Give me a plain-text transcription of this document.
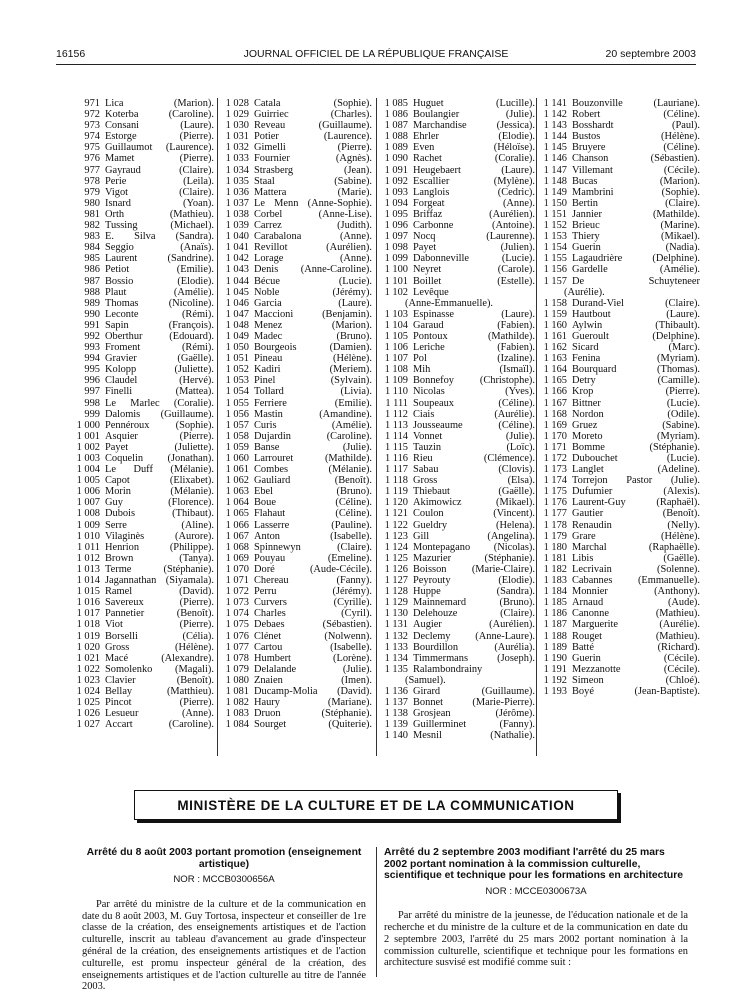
16156	JOURNAL OFFICIEL DE LA RÉPUBLIQUE FRANÇAISE	20 septembre 2003
971 Lica (Marion).
972 Koterba (Caroline).
973 Consani (Laure).
974 Estorge (Pierre).
975 Guillaumot (Laurence).
976 Mamet (Pierre).
977 Gayraud (Claire).
978 Perie (Leila).
979 Vigot (Claire).
980 Isnard (Yoan).
981 Orth (Mathieu).
982 Tussing (Michael).
983 E. Silva (Sandra).
984 Seggio (Anaïs).
985 Laurent (Sandrine).
986 Petiot (Emilie).
987 Bossio (Elodie).
988 Plaut (Amélie).
989 Thomas (Nicoline).
990 Leconte (Rémi).
991 Sapin (François).
992 Oberthur (Edouard).
993 Froment (Rémi).
994 Gravier (Gaëlle).
995 Kolopp (Juliette).
996 Claudel (Hervé).
997 Finelli (Mattea).
998 Le Marlec (Coralie).
999 Dalomis (Guillaume).
1 000 Pennéroux (Sophie).
1 001 Asquier (Pierre).
1 002 Payet (Juliette).
1 003 Coquelin (Jonathan).
1 004 Le Duff (Mélanie).
1 005 Capot (Elixabet).
1 006 Morin (Mélanie).
1 007 Guy (Florence).
1 008 Dubois (Thibaut).
1 009 Serre (Aline).
1 010 Vilaginès (Aurore).
1 011 Henrion (Philippe).
1 012 Brown (Tanya).
1 013 Terme (Stéphanie).
1 014 Jagannathan (Siyamala).
1 015 Ramel (David).
1 016 Savereux (Pierre).
1 017 Pannetier (Benoît).
1 018 Viot (Pierre).
1 019 Borselli (Célia).
1 020 Gross (Hélène).
1 021 Macé (Alexandre).
1 022 Somolenko (Magali).
1 023 Clavier (Benoît).
1 024 Bellay (Matthieu).
1 025 Pincot (Pierre).
1 026 Lesueur (Anne).
1 027 Accart (Caroline).
1 028 Catala (Sophie).
1 029 Guirriec (Charles).
1 030 Reveau (Guillaume).
1 031 Potier (Laurence).
1 032 Gimelli (Pierre).
1 033 Fournier (Agnès).
1 034 Strasberg (Jean).
1 035 Staal (Sabine).
1 036 Mattera (Marie).
1 037 Le Menn (Anne-Sophie).
1 038 Corbel (Anne-Lise).
1 039 Carrez (Judith).
1 040 Carabalona (Anne).
1 041 Revillot (Aurélien).
1 042 Lorage (Anne).
1 043 Denis (Anne-Caroline).
1 044 Bécue (Lucie).
1 045 Noble (Jérémy).
1 046 Garcia (Laure).
1 047 Maccioni (Benjamin).
1 048 Menez (Marion).
1 049 Madec (Bruno).
1 050 Bourgeois (Damien).
1 051 Pineau (Hélène).
1 052 Kadiri (Meriem).
1 053 Pinel (Sylvain).
1 054 Tollard (Livia).
1 055 Ferriere (Emilie).
1 056 Mastin (Amandine).
1 057 Curis (Amélie).
1 058 Dujardin (Caroline).
1 059 Banse (Julie).
1 060 Larrouret (Mathilde).
1 061 Combes (Mélanie).
1 062 Gauliard (Benoît).
1 063 Ebel (Bruno).
1 064 Boue (Céline).
1 065 Flahaut (Céline).
1 066 Lasserre (Pauline).
1 067 Anton (Isabelle).
1 068 Spinnewyn (Claire).
1 069 Pouyau (Emeline).
1 070 Doré (Aude-Cécile).
1 071 Chereau (Fanny).
1 072 Perru (Jérémy).
1 073 Curvers (Cyrille).
1 074 Charles (Cyril).
1 075 Debaes (Sébastien).
1 076 Clénet (Nolwenn).
1 077 Cartou (Isabelle).
1 078 Humbert (Lorène).
1 079 Delalande (Julie).
1 080 Znaien (Imen).
1 081 Ducamp-Molia (David).
1 082 Haury (Mariane).
1 083 Druon (Stéphanie).
1 084 Sourget (Quiterie).
1 085 Huguet (Lucille).
1 086 Boulangier (Julie).
1 087 Marchandise (Jessica).
1 088 Ehrler (Elodie).
1 089 Even (Héloïse).
1 090 Rachet (Coralie).
1 091 Heugebaert (Laure).
1 092 Escallier (Mylène).
1 093 Langlois (Cedric).
1 094 Forgeat (Anne).
1 095 Briffaz (Aurélien).
1 096 Carbonne (Antoine).
1 097 Nocq (Laurenne).
1 098 Payet (Julien).
1 099 Dabonneville (Lucie).
1 100 Neyret (Carole).
1 101 Boillet (Estelle).
1 102 Levêque
(Anne-Emmanuelle).
1 103 Espinasse (Laure).
1 104 Garaud (Fabien).
1 105 Pontoux (Mathilde).
1 106 Leriche (Fabien).
1 107 Pol (Izaline).
1 108 Mih (Ismaïl).
1 109 Bonnefoy (Christophe).
1 110 Nicolas (Yves).
1 111 Soupeaux (Céline).
1 112 Ciais (Aurélie).
1 113 Jousseaume (Céline).
1 114 Vonnet (Julie).
1 115 Tauzin (Loïc).
1 116 Rieu (Clémence).
1 117 Sabau (Clovis).
1 118 Gross (Elsa).
1 119 Thiebaut (Gaëlle).
1 120 Akimowicz (Mikael).
1 121 Coulon (Vincent).
1 122 Gueldry (Helena).
1 123 Gill (Angelina).
1 124 Montepagano (Nicolas).
1 125 Mazurier (Stéphanie).
1 126 Boisson (Marie-Claire).
1 127 Peyrouty (Elodie).
1 128 Huppe (Sandra).
1 129 Mainnemard (Bruno).
1 130 Delehouze (Claire).
1 131 Augier (Aurélien).
1 132 Declemy (Anne-Laure).
1 133 Bourdillon (Aurélia).
1 134 Timmermans (Joseph).
1 135 Ralambondrainy
(Samuel).
1 136 Girard (Guillaume).
1 137 Bonnet (Marie-Pierre).
1 138 Grosjean (Jérôme).
1 139 Guillerminet (Fanny).
1 140 Mesnil (Nathalie).
1 141 Bouzonville (Lauriane).
1 142 Robert (Céline).
1 143 Bosshardt (Paul).
1 144 Bustos (Hélène).
1 145 Bruyere (Céline).
1 146 Chanson (Sébastien).
1 147 Villemant (Cécile).
1 148 Bucas (Marion).
1 149 Mambrini (Sophie).
1 150 Bertin (Claire).
1 151 Jannier (Mathilde).
1 152 Brieuc (Marine).
1 153 Thiery (Mikael).
1 154 Guerin (Nadia).
1 155 Lagaudrière (Delphine).
1 156 Gardelle (Amélie).
1 157 De Schuyteneer
(Aurélie).
1 158 Durand-Viel (Claire).
1 159 Hautbout (Laure).
1 160 Aylwin (Thibault).
1 161 Gueroult (Delphine).
1 162 Sicard (Marc).
1 163 Fenina (Myriam).
1 164 Bourquard (Thomas).
1 165 Detry (Camille).
1 166 Krop (Pierre).
1 167 Bittner (Lucie).
1 168 Nordon (Odile).
1 169 Gruez (Sabine).
1 170 Moreto (Myriam).
1 171 Bomme (Stéphanie).
1 172 Dubouchet (Lucie).
1 173 Langlet (Adeline).
1 174 Torrejon Pastor (Julie).
1 175 Dufumier (Alexis).
1 176 Laurent-Guy (Raphaël).
1 177 Gautier (Benoît).
1 178 Renaudin (Nelly).
1 179 Grare (Hélène).
1 180 Marchal (Raphaëlle).
1 181 Libis (Gaëlle).
1 182 Lecrivain (Solenne).
1 183 Cabannes (Emmanuelle).
1 184 Monnier (Anthony).
1 185 Arnaud (Aude).
1 186 Canonne (Mathieu).
1 187 Marguerite (Aurélie).
1 188 Rouget (Mathieu).
1 189 Batté (Richard).
1 190 Guerin (Cécile).
1 191 Mezzanotte (Cécile).
1 192 Simeon (Chloé).
1 193 Boyé (Jean-Baptiste).
MINISTÈRE DE LA CULTURE ET DE LA COMMUNICATION
Arrêté du 8 août 2003 portant promotion (enseignement artistique)
NOR : MCCB0300656A
Par arrêté du ministre de la culture et de la communication en date du 8 août 2003, M. Guy Tortosa, inspecteur et conseiller de 1re classe de la création, des enseignements artistiques et de l'action culturelle, inscrit au tableau d'avancement au grade d'inspecteur général de la création, des enseignements artistiques et de l'action culturelle, est promu inspecteur général de la création, des enseignements artistiques et de l'action culturelle au titre de l'année 2003.
Arrêté du 2 septembre 2003 modifiant l'arrêté du 25 mars 2002 portant nomination à la commission culturelle, scientifique et technique pour les formations en architecture
NOR : MCCE0300673A
Par arrêté du ministre de la jeunesse, de l'éducation nationale et de la recherche et du ministre de la culture et de la communication en date du 2 septembre 2003, l'arrêté du 25 mars 2002 portant nomination à la commission culturelle, scientifique et technique pour les formations en architecture susvisé est modifié comme suit :
